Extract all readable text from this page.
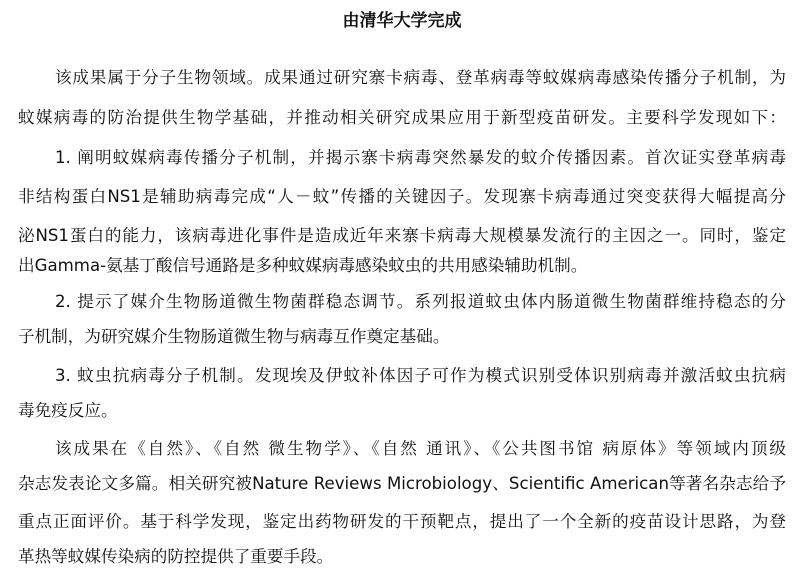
由清华大学完成

该成果属于分子生物领域。成果通过研究寨卡病毒、登革病毒等蚊媒病毒感染传播分子机制，为

蚊媒病毒的防治提供生物学基础，并推动相关研究成果应用于新型疫苗研发。主要科学发现如下：

1. 阐明蚊媒病毒传播分子机制，并揭示寨卡病毒突然暴发的蚊介传播因素。首次证实登革病毒

非结构蛋白NS1是辅助病毒完成“人－蚊”传播的关键因子。发现寨卡病毒通过突变获得大幅提高分

泌NS1蛋白的能力，该病毒进化事件是造成近年来寨卡病毒大规模暴发流行的主因之一。同时，鉴定

出Gamma-氨基丁酸信号通路是多种蚊媒病毒感染蚊虫的共用感染辅助机制。

2. 提示了媒介生物肠道微生物菌群稳态调节。系列报道蚊虫体内肠道微生物菌群维持稳态的分

子机制，为研究媒介生物肠道微生物与病毒互作奠定基础。

3. 蚊虫抗病毒分子机制。发现埃及伊蚊补体因子可作为模式识别受体识别病毒并激活蚊虫抗病

毒免疫反应。

该成果在《自然》、《自然 微生物学》、《自然 通讯》、《公共图书馆 病原体》等领域内顶级

杂志发表论文多篇。相关研究被Nature Reviews Microbiology、Scientific American等著名杂志给予

重点正面评价。基于科学发现，鉴定出药物研发的干预靶点，提出了一个全新的疫苗设计思路，为登

革热等蚊媒传染病的防控提供了重要手段。
